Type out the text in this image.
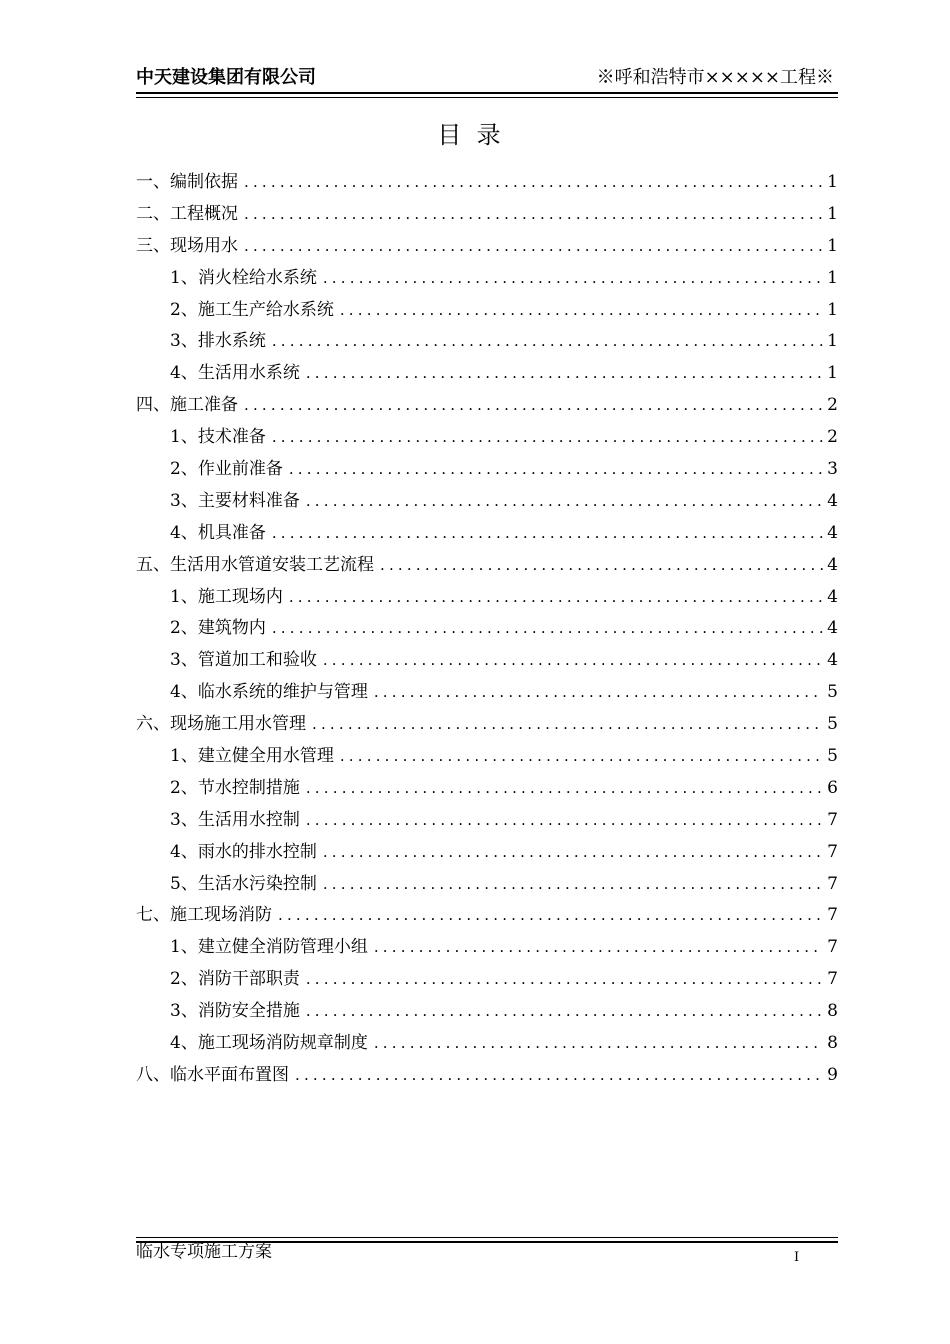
中天建设集团有限公司	※呼和浩特市×××××工程※
目  录
一、编制依据 .....	1
二、工程概况 .....	1
三、现场用水 .....	1
1、消火栓给水系统 .....	1
2、施工生产给水系统 .....	1
3、排水系统 .....	1
4、生活用水系统 .....	1
四、施工准备 .....	2
1、技术准备 .....	2
2、作业前准备 .....	3
3、主要材料准备 .....	4
4、机具准备 .....	4
五、生活用水管道安装工艺流程 .....	4
1、施工现场内 .....	4
2、建筑物内 .....	4
3、管道加工和验收 .....	4
4、临水系统的维护与管理 .....	5
六、现场施工用水管理 .....	5
1、建立健全用水管理 .....	5
2、节水控制措施 .....	6
3、生活用水控制 .....	7
4、雨水的排水控制 .....	7
5、生活水污染控制 .....	7
七、施工现场消防 .....	7
1、建立健全消防管理小组 .....	7
2、消防干部职责 .....	7
3、消防安全措施 .....	8
4、施工现场消防规章制度 .....	8
八、临水平面布置图 .....	9
临水专项施工方案	I
